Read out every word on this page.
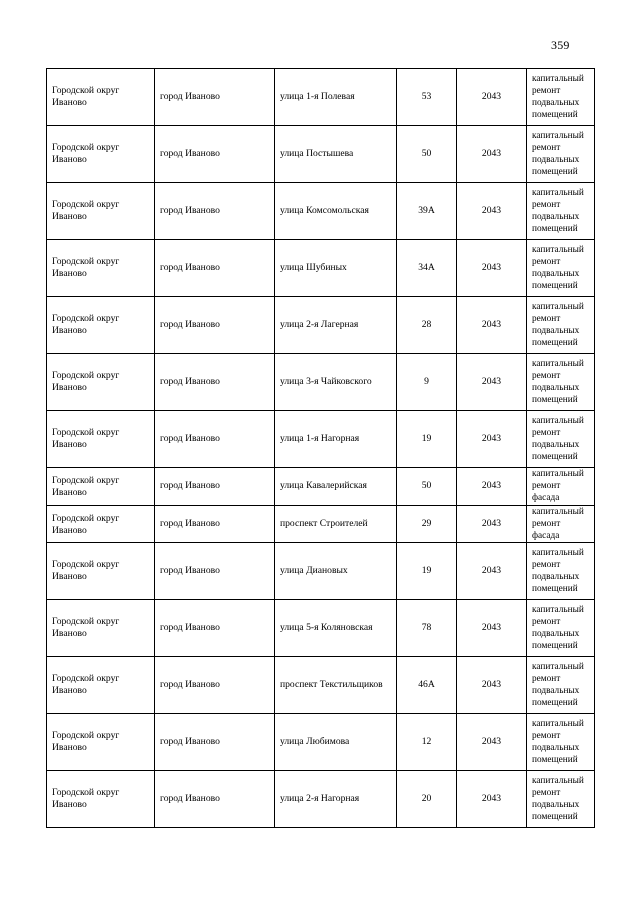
359
Городской округ Иваново	город Иваново	улица 1-я Полевая	53	2043	капитальный ремонт подвальных помещений
Городской округ Иваново	город Иваново	улица Постышева	50	2043	капитальный ремонт подвальных помещений
Городской округ Иваново	город Иваново	улица Комсомольская	39А	2043	капитальный ремонт подвальных помещений
Городской округ Иваново	город Иваново	улица Шубиных	34А	2043	капитальный ремонт подвальных помещений
Городской округ Иваново	город Иваново	улица 2-я Лагерная	28	2043	капитальный ремонт подвальных помещений
Городской округ Иваново	город Иваново	улица 3-я Чайковского	9	2043	капитальный ремонт подвальных помещений
Городской округ Иваново	город Иваново	улица 1-я Нагорная	19	2043	капитальный ремонт подвальных помещений
Городской округ Иваново	город Иваново	улица Кавалерийская	50	2043	капитальный ремонт фасада
Городской округ Иваново	город Иваново	проспект Строителей	29	2043	капитальный ремонт фасада
Городской округ Иваново	город Иваново	улица Диановых	19	2043	капитальный ремонт подвальных помещений
Городской округ Иваново	город Иваново	улица 5-я Коляновская	78	2043	капитальный ремонт подвальных помещений
Городской округ Иваново	город Иваново	проспект Текстильщиков	46А	2043	капитальный ремонт подвальных помещений
Городской округ Иваново	город Иваново	улица Любимова	12	2043	капитальный ремонт подвальных помещений
Городской округ Иваново	город Иваново	улица 2-я Нагорная	20	2043	капитальный ремонт подвальных помещений
